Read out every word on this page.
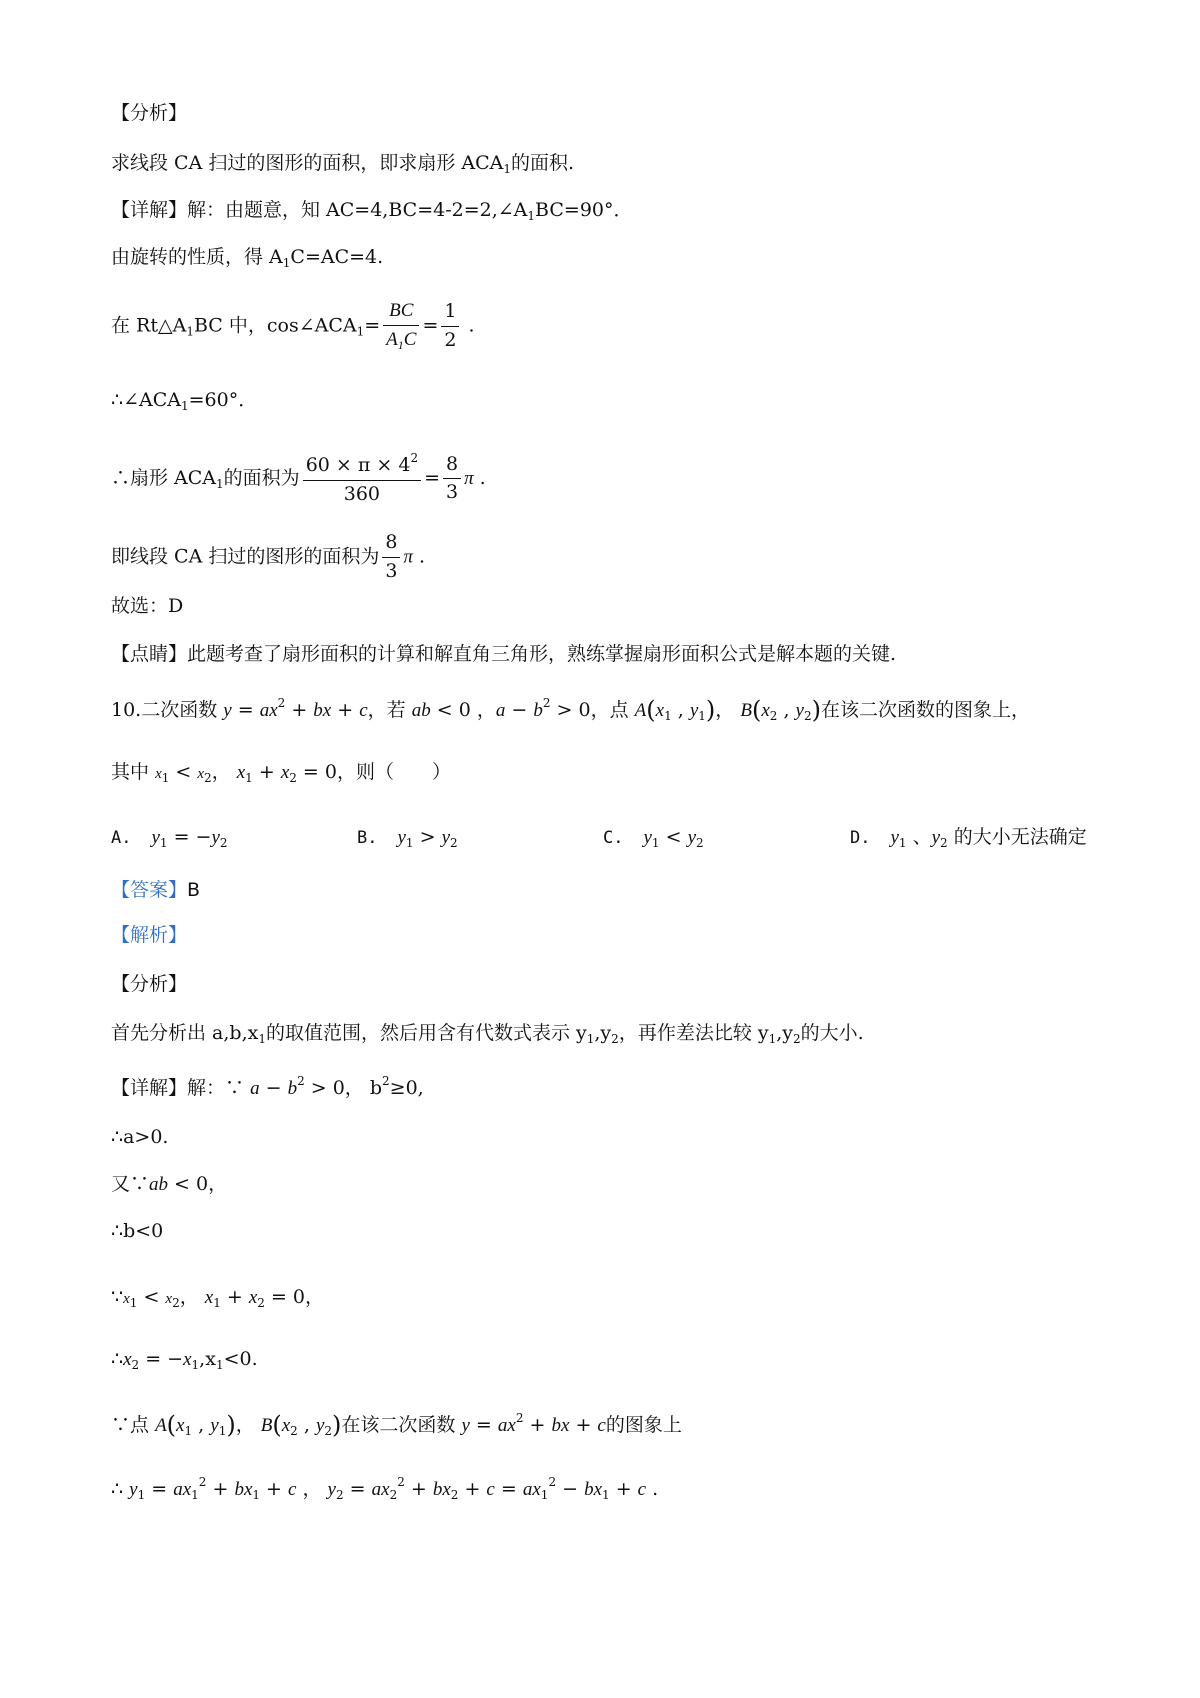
【分析】
求线段 CA 扫过的图形的面积，即求扇形 $ACA_1$的面积.
【详解】解：由题意，知 $AC=4,BC=4-2=2,\angle A_1BC=90^\circ$．
由旋转的性质，得 $A_1C=AC=4$.
在 $Rt\triangle A_1BC$ 中，$\cos\angle ACA_1= \frac{BC}{A_1C} = \frac{1}{2}$ .
$\therefore\angle ACA_1=60^\circ$．
∴扇形 $ACA_1$的面积为 $\frac{60 \times \pi \times 4^2}{360} = \frac{8}{3}$ π .
即线段 CA 扫过的图形的面积为 $\frac{8}{3}$ π .
故选：D
【点睛】此题考查了扇形面积的计算和解直角三角形，熟练掌握扇形面积公式是解本题的关键.
10.二次函数 $y = ax^2$ + bx + c，若 ab < 0 ，$a - b^2 > 0$，点 $A(x_1$ , $y_1$)， $B(x_2$ , $y_2$)在该二次函数的图象上，
其中 $x_1 < x_2$， $x_1 + x_2 = 0$，则（　　）
A. $y_1 = -y_2$	B. $y_1 > y_2$	C. $y_1 < y_2$	D. $y_1$ 、$y_2$ 的大小无法确定
【答案】B
【解析】
【分析】
首先分析出 $a,b,x_1$的取值范围，然后用含有代数式表示 $y_1,y_2$，再作差法比较 $y_1,y_2$的大小.
【详解】解：∵ $a - b^2 > 0$， $b^2\ge 0$,
∴a>0.
又∵ab < 0，
∴b<0
$\because x_1 < x_2$， $x_1 + x_2 = 0$，
$\therefore x_2 = -x_1,x_1<0$.
∵点 $A(x_1$ , $y_1$)， $B(x_2$ , $y_2$)在该二次函数 $y = ax^2$ + bx + c的图象上
∴ $y_1 = ax_1^2 + bx_1 + c$ ， $y_2 = ax_2^2 + bx_2 + c = ax_1^2 - bx_1 + c$ .
